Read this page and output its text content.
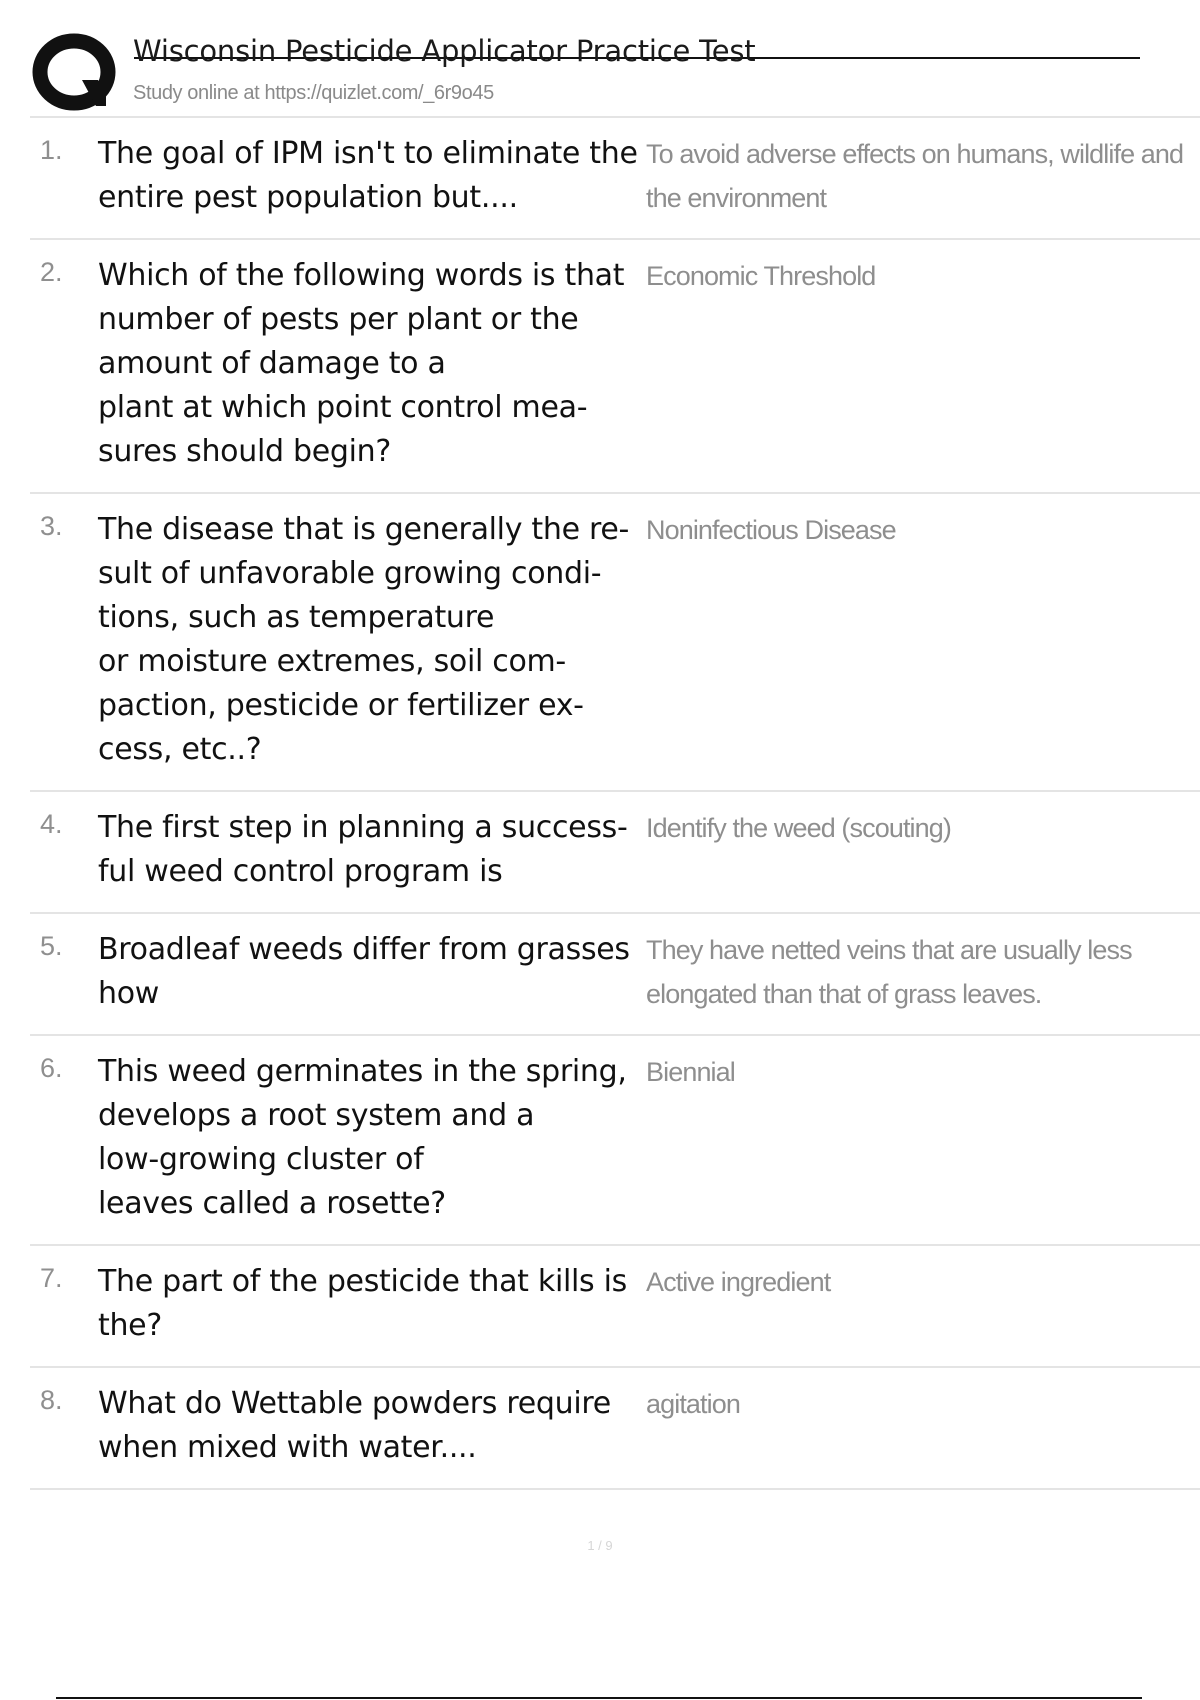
Wisconsin Pesticide Applicator Practice Test
Study online at https://quizlet.com/_6r9o45
1. The goal of IPM isn't to eliminate the
entire pest population but....
To avoid adverse effects on humans, wildlife and the environment
2. Which of the following words is that
number of pests per plant or the
amount of damage to a
plant at which point control mea-
sures should begin?
Economic Threshold
3. The disease that is generally the re-
sult of unfavorable growing condi-
tions, such as temperature
or moisture extremes, soil com-
paction, pesticide or fertilizer ex-
cess, etc..?
Noninfectious Disease
4. The first step in planning a success-
ful weed control program is
Identify the weed (scouting)
5. Broadleaf weeds differ from grasses
how
They have netted veins that are usually less elongated than that of grass leaves.
6. This weed germinates in the spring,
develops a root system and a
low-growing cluster of
leaves called a rosette?
Biennial
7. The part of the pesticide that kills is
the?
Active ingredient
8. What do Wettable powders require
when mixed with water....
agitation
1 / 9
